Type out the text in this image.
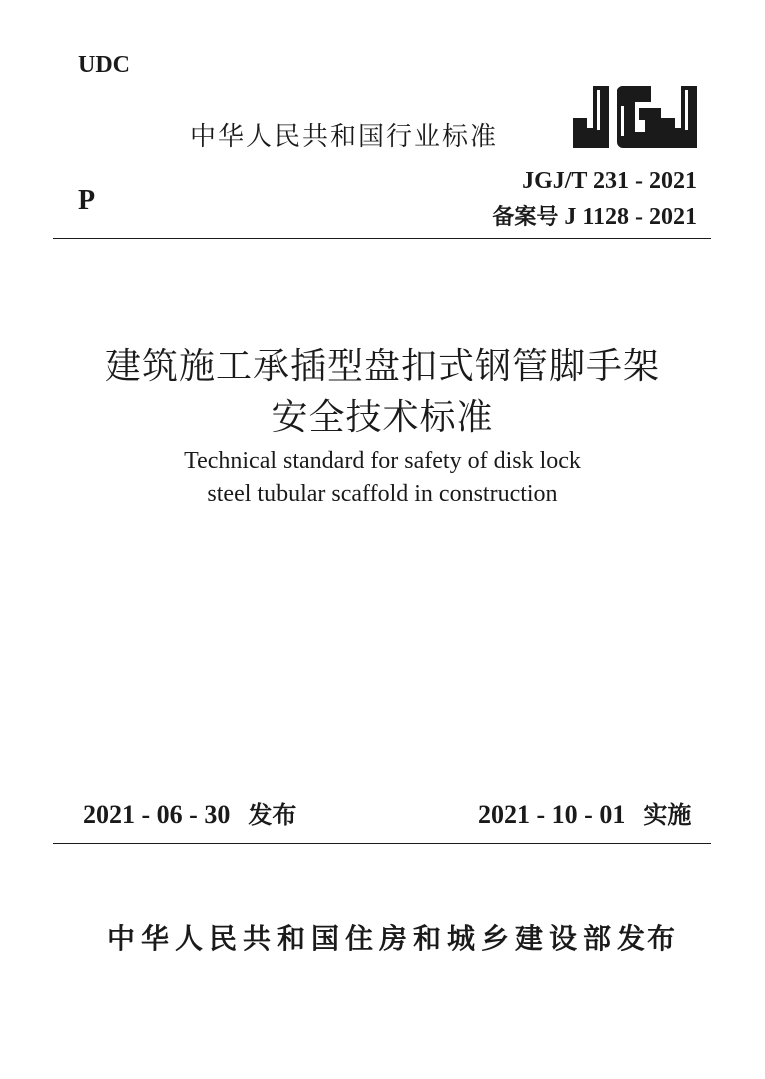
UDC
中华人民共和国行业标准
JGJ/T 231 - 2021
P
备案号 J 1128 - 2021
建筑施工承插型盘扣式钢管脚手架
安全技术标准
Technical standard for safety of disk lock
steel tubular scaffold in construction
2021 - 06 - 30 发布	2021 - 10 - 01 实施
中华人民共和国住房和城乡建设部 发布
